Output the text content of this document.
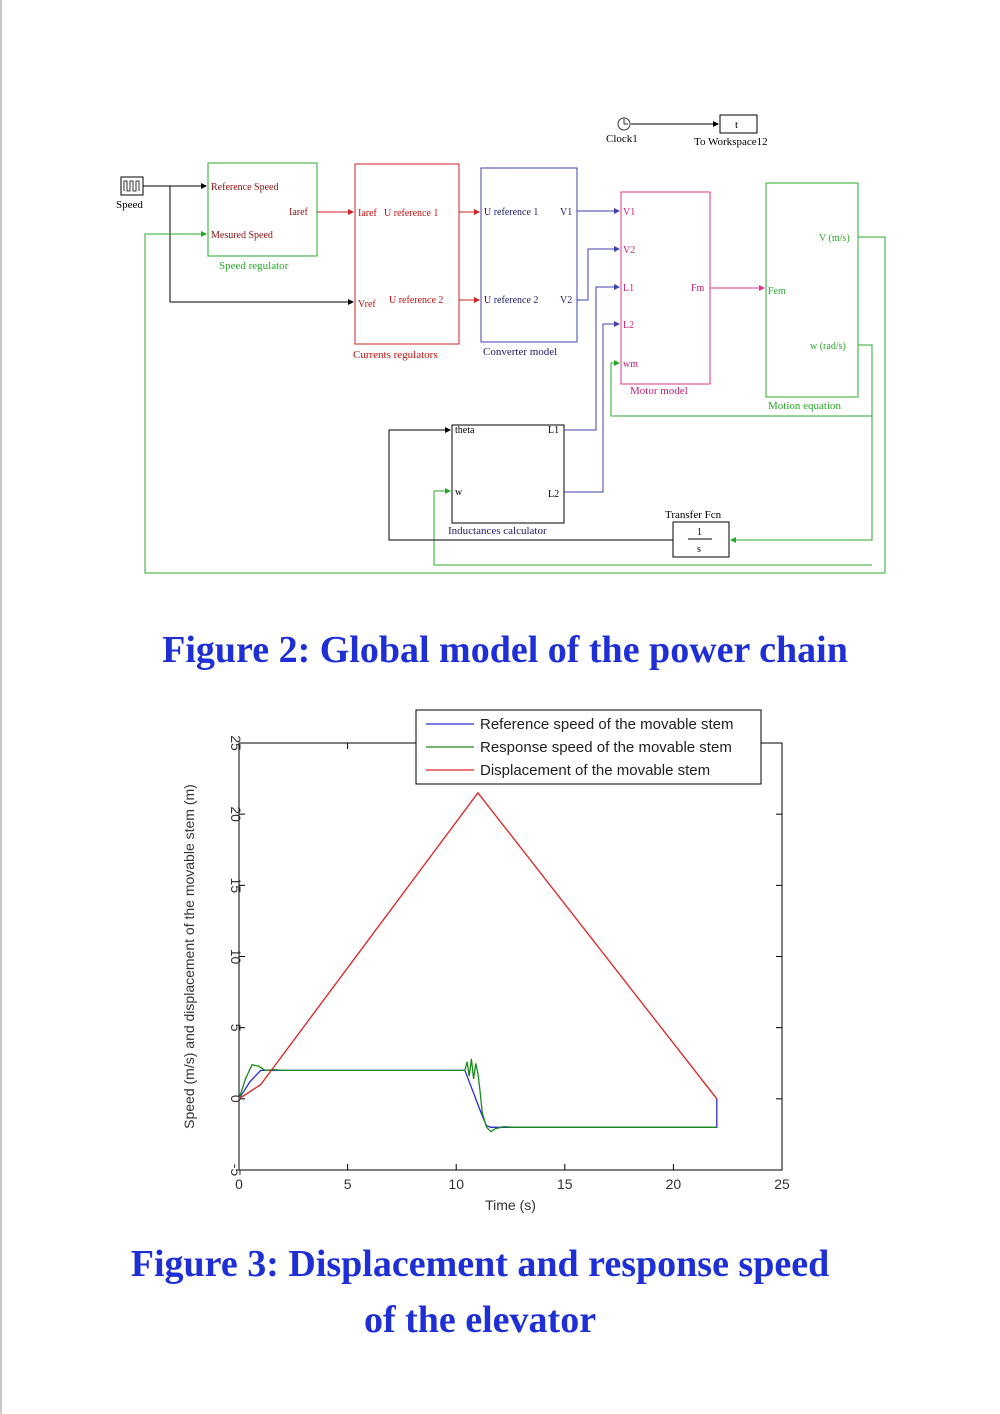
Clock1
t
To Workspace12
Speed
Reference Speed
Mesured Speed
Iaref
Speed regulator
Iaref U reference 1
Vref U reference 2
Currents regulators
U reference 1 V1
U reference 2 V2
Converter model
V1
V2
L1
L2
wm
Fm
Motor model
Fem
V (m/s)
w (rad/s)
Motion equation
theta
w
L1
L2
Inductances calculator	1
s
Transfer Fcn
Figure 2: Global model of the power chain
0	5	10	15	20	25
-5
0
5
10
15
20
25
Reference speed of the movable stem
Response speed of the movable stem
Displacement of the movable stem
Time (s)
Speed (m/s) and displacement of the movable stem (m)
Figure 3: Displacement and response speed
of the elevator
